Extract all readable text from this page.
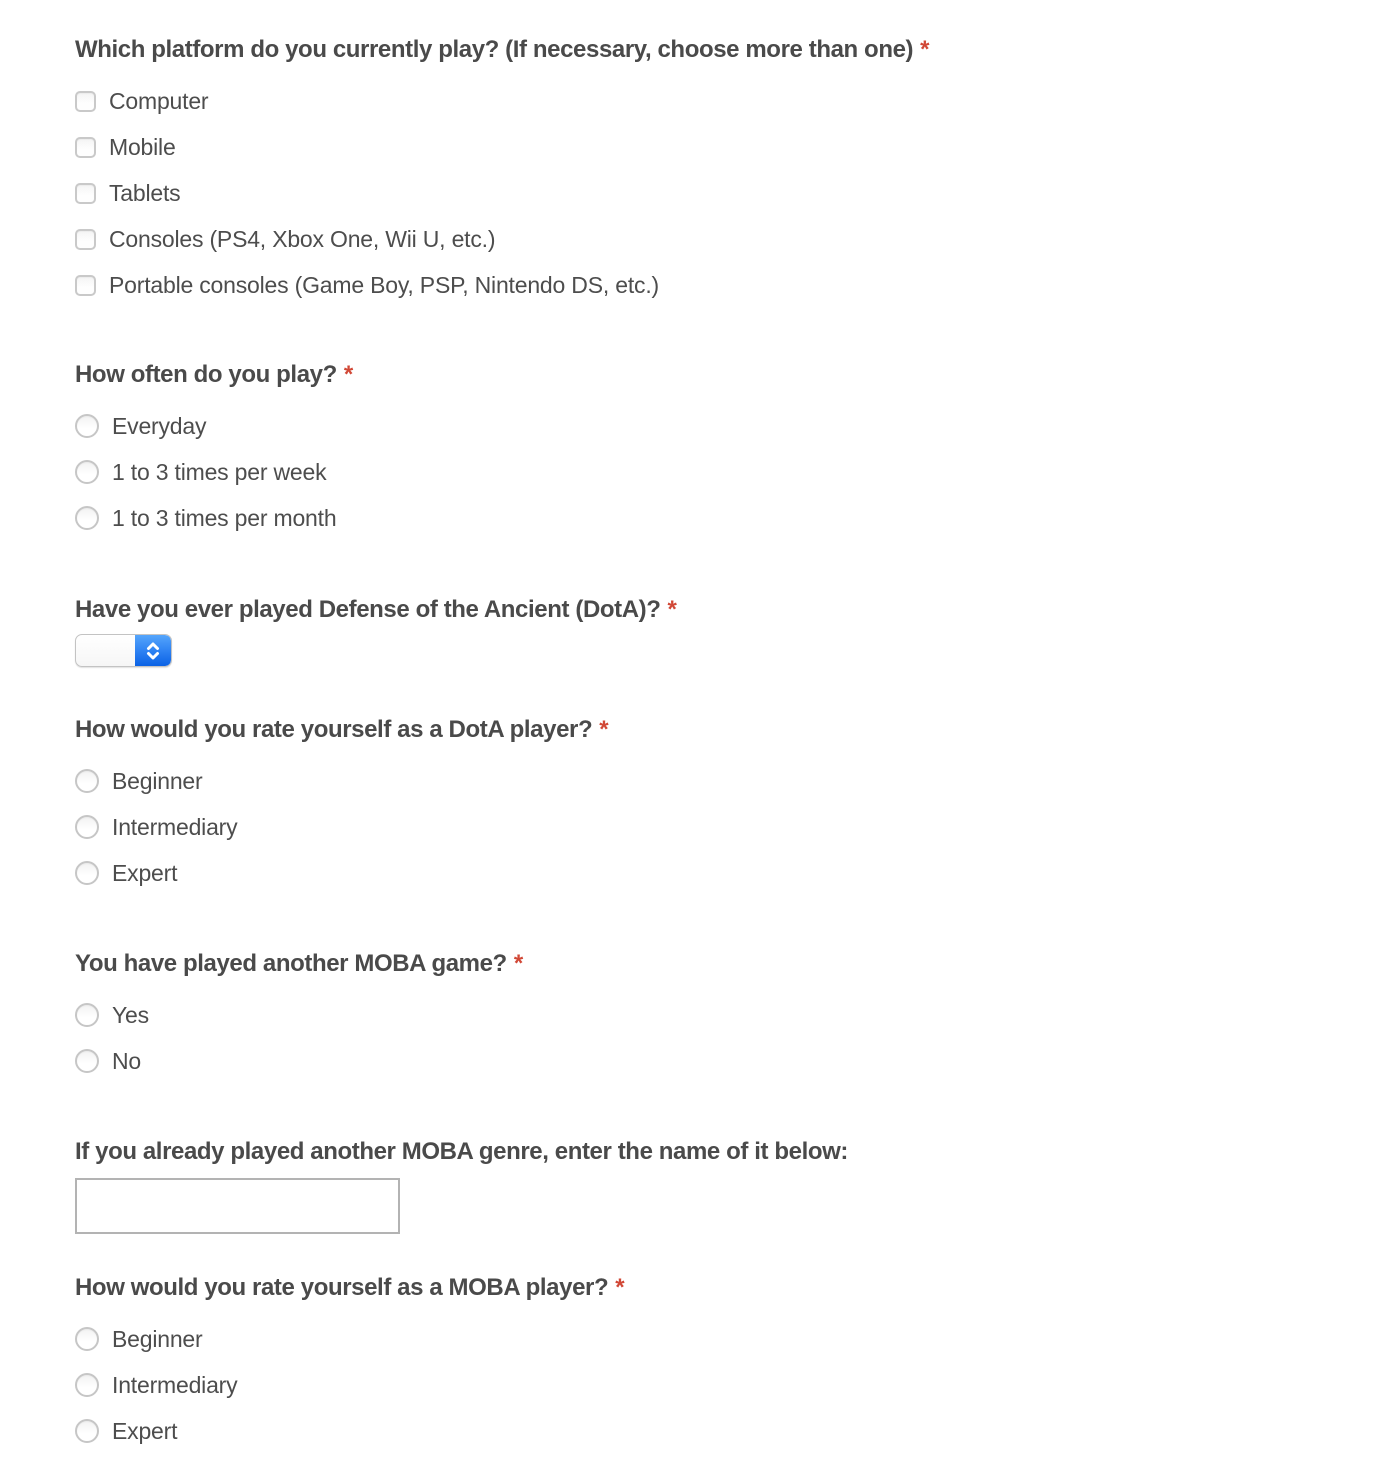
Which platform do you currently play? (If necessary, choose more than one) *
Computer
Mobile
Tablets
Consoles (PS4, Xbox One, Wii U, etc.)
Portable consoles (Game Boy, PSP, Nintendo DS, etc.)
How often do you play? *
Everyday
1 to 3 times per week
1 to 3 times per month
Have you ever played Defense of the Ancient (DotA)? *
How would you rate yourself as a DotA player? *
Beginner
Intermediary
Expert
You have played another MOBA game? *
Yes
No
If you already played another MOBA genre, enter the name of it below:
How would you rate yourself as a MOBA player? *
Beginner
Intermediary
Expert
